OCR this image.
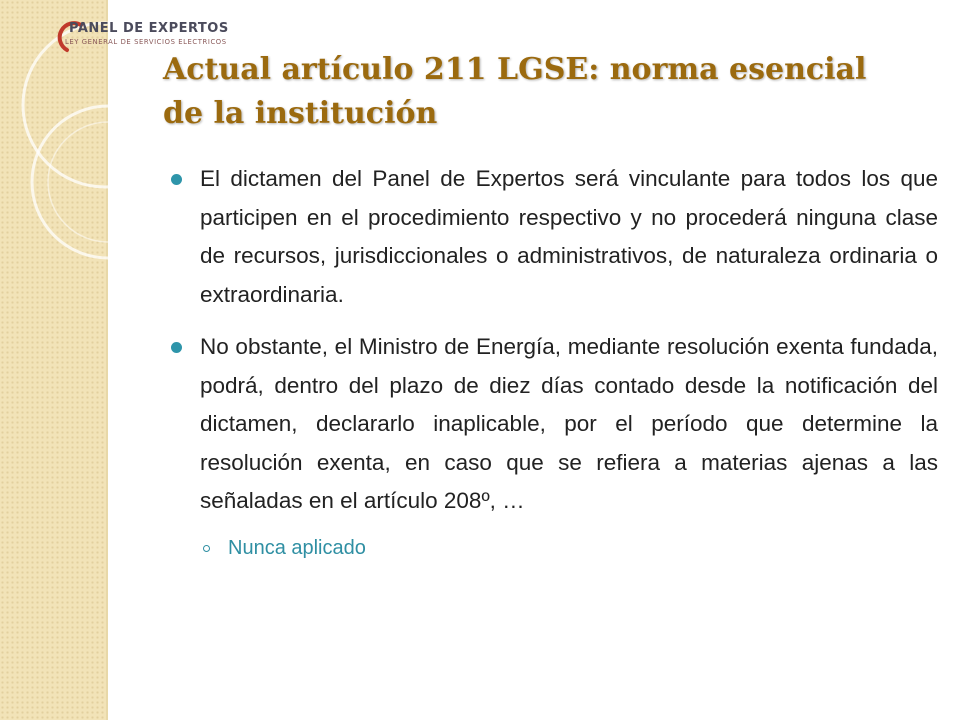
PANEL DE EXPERTOS
LEY GENERAL DE SERVICIOS ELECTRICOS
Actual artículo 211 LGSE: norma esencial de la institución
El dictamen del Panel de Expertos será vinculante para todos los que participen en el procedimiento respectivo y no procederá ninguna clase de recursos, jurisdiccionales o administrativos, de naturaleza ordinaria o extraordinaria.
No obstante, el Ministro de Energía, mediante resolución exenta fundada, podrá, dentro del plazo de diez días contado desde la notificación del dictamen, declararlo inaplicable, por el período que determine la resolución exenta, en caso que se refiera a materias ajenas a las señaladas en el artículo 208º, …
Nunca aplicado
